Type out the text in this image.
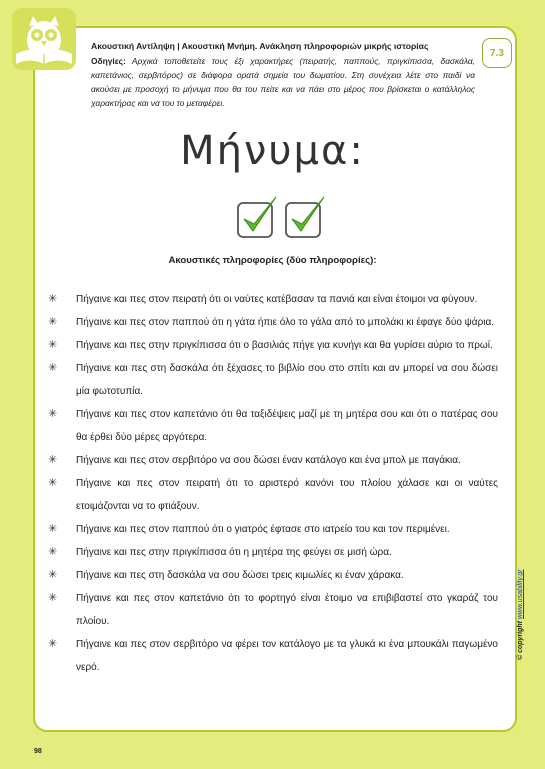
Ακουστική Αντίληψη | Ακουστική Μνήμη. Ανάκληση πληροφοριών μικρής ιστορίας
7.3
Οδηγίες: Αρχικά τοποθετείτε τους έξι χαρακτήρες (πειρατής, παππούς, πριγκίπισσα, δασκάλα, καπετάνιος, σερβιτόρος) σε διάφορα ορατά σημεία του δωματίου. Στη συνέχεια λέτε στο παιδί να ακούσει με προσοχή το μήνυμα που θα του πείτε και να πάει στο μέρος που βρίσκεται ο κατάλληλος χαρακτήρας και να του το μεταφέρει.
Μήνυμα:
Ακουστικές πληροφορίες (δύο πληροφορίες):
✳	Πήγαινε και πες στον πειρατή ότι οι ναύτες κατέβασαν τα πανιά και είναι έτοιμοι να φύγουν.
✳	Πήγαινε και πες στον παππού ότι η γάτα ήπιε όλο το γάλα από το μπολάκι κι έφαγε δύο ψάρια.
✳	Πήγαινε και πες στην πριγκίπισσα ότι ο βασιλιάς πήγε για κυνήγι και θα γυρίσει αύριο το πρωί.
✳	Πήγαινε και πες στη δασκάλα ότι ξέχασες το βιβλίο σου στο σπίτι και αν μπορεί να σου δώσει μία φωτοτυπία.
✳	Πήγαινε και πες στον καπετάνιο ότι θα ταξιδέψεις μαζί με τη μητέρα σου και ότι ο πατέρας σου θα έρθει δύο μέρες αργότερα.
✳	Πήγαινε και πες στον σερβιτόρο να σου δώσει έναν κατάλογο και ένα μπολ με παγάκια.
✳	Πήγαινε και πες στον πειρατή ότι το αριστερό κανόνι του πλοίου χάλασε και οι ναύτες ετοιμάζονται να το φτιάξουν.
✳	Πήγαινε και πες στον παππού ότι ο γιατρός έφτασε στο ιατρείο του και τον περιμένει.
✳	Πήγαινε και πες στην πριγκίπισσα ότι η μητέρα της φεύγει σε μισή ώρα.
✳	Πήγαινε και πες στη δασκάλα να σου δώσει τρεις κιμωλίες κι έναν χάρακα.
✳	Πήγαινε και πες στον καπετάνιο ότι το φορτηγό είναι έτοιμο να επιβιβαστεί στο γκαράζ του πλοίου.
✳	Πήγαινε και πες στον σερβιτόρο να φέρει τον κατάλογο με τα γλυκά κι ένα μπουκάλι παγωμένο νερό.
© copyright www.usability.gr
98
